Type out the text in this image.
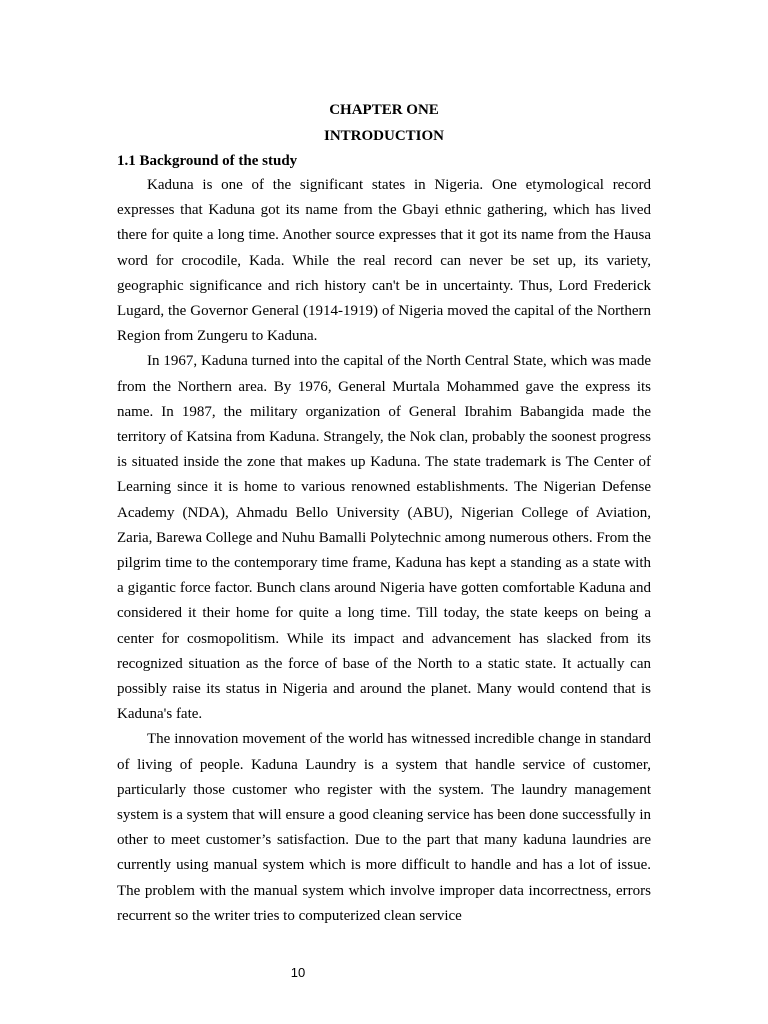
CHAPTER ONE
INTRODUCTION
1.1 Background of the study

Kaduna is one of the significant states in Nigeria. One etymological record expresses that Kaduna got its name from the Gbayi ethnic gathering, which has lived there for quite a long time. Another source expresses that it got its name from the Hausa word for crocodile, Kada. While the real record can never be set up, its variety, geographic significance and rich history can't be in uncertainty. Thus, Lord Frederick Lugard, the Governor General (1914-1919) of Nigeria moved the capital of the Northern Region from Zungeru to Kaduna.

In 1967, Kaduna turned into the capital of the North Central State, which was made from the Northern area. By 1976, General Murtala Mohammed gave the express its name. In 1987, the military organization of General Ibrahim Babangida made the territory of Katsina from Kaduna. Strangely, the Nok clan, probably the soonest progress is situated inside the zone that makes up Kaduna. The state trademark is The Center of Learning since it is home to various renowned establishments. The Nigerian Defense Academy (NDA), Ahmadu Bello University (ABU), Nigerian College of Aviation, Zaria, Barewa College and Nuhu Bamalli Polytechnic among numerous others. From the pilgrim time to the contemporary time frame, Kaduna has kept a standing as a state with a gigantic force factor. Bunch clans around Nigeria have gotten comfortable Kaduna and considered it their home for quite a long time. Till today, the state keeps on being a center for cosmopolitism. While its impact and advancement has slacked from its recognized situation as the force of base of the North to a static state. It actually can possibly raise its status in Nigeria and around the planet. Many would contend that is Kaduna's fate.

The innovation movement of the world has witnessed incredible change in standard of living of people. Kaduna Laundry is a system that handle service of customer, particularly those customer who register with the system. The laundry management system is a system that will ensure a good cleaning service has been done successfully in other to meet customer’s satisfaction. Due to the part that many kaduna laundries are currently using manual system which is more difficult to handle and has a lot of issue. The problem with the manual system which involve improper data incorrectness, errors recurrent so the writer tries to computerized clean service

10
